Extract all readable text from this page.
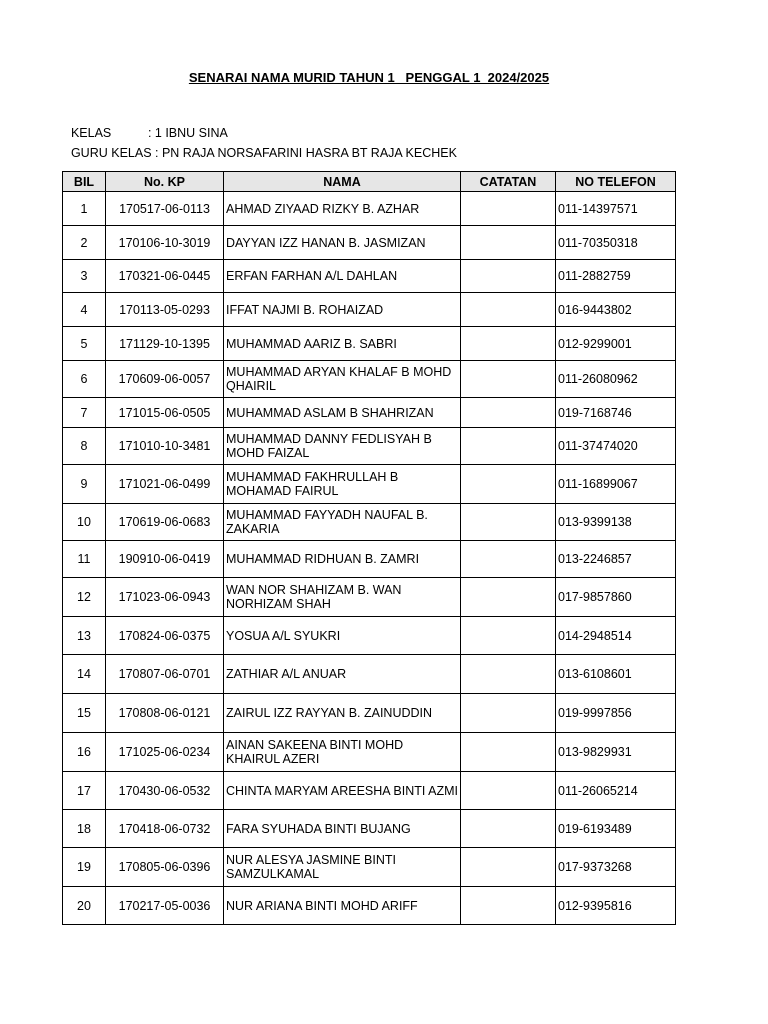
SENARAI NAMA MURID TAHUN 1   PENGGAL 1  2024/2025

KELAS	: 1 IBNU SINA

GURU KELAS : PN RAJA NORSAFARINI HASRA BT RAJA KECHEK

BIL	No. KP	NAMA	CATATAN	NO TELEFON
1	170517-06-0113	AHMAD ZIYAAD RIZKY B. AZHAR		011-14397571
2	170106-10-3019	DAYYAN IZZ HANAN B. JASMIZAN		011-70350318
3	170321-06-0445	ERFAN FARHAN A/L DAHLAN		011-2882759
4	170113-05-0293	IFFAT NAJMI B. ROHAIZAD		016-9443802
5	171129-10-1395	MUHAMMAD AARIZ B. SABRI		012-9299001
6	170609-06-0057	MUHAMMAD ARYAN KHALAF B MOHD QHAIRIL		011-26080962
7	171015-06-0505	MUHAMMAD ASLAM B SHAHRIZAN		019-7168746
8	171010-10-3481	MUHAMMAD DANNY FEDLISYAH B MOHD FAIZAL		011-37474020
9	171021-06-0499	MUHAMMAD FAKHRULLAH B MOHAMAD FAIRUL		011-16899067
10	170619-06-0683	MUHAMMAD FAYYADH NAUFAL B. ZAKARIA		013-9399138
11	190910-06-0419	MUHAMMAD RIDHUAN B. ZAMRI		013-2246857
12	171023-06-0943	WAN NOR SHAHIZAM B. WAN NORHIZAM SHAH		017-9857860
13	170824-06-0375	YOSUA A/L SYUKRI		014-2948514
14	170807-06-0701	ZATHIAR A/L ANUAR		013-6108601
15	170808-06-0121	ZAIRUL IZZ RAYYAN B. ZAINUDDIN		019-9997856
16	171025-06-0234	AINAN SAKEENA BINTI MOHD KHAIRUL AZERI		013-9829931
17	170430-06-0532	CHINTA MARYAM AREESHA BINTI AZMI		011-26065214
18	170418-06-0732	FARA SYUHADA BINTI BUJANG		019-6193489
19	170805-06-0396	NUR ALESYA JASMINE BINTI SAMZULKAMAL		017-9373268
20	170217-05-0036	NUR ARIANA BINTI MOHD ARIFF		012-9395816
